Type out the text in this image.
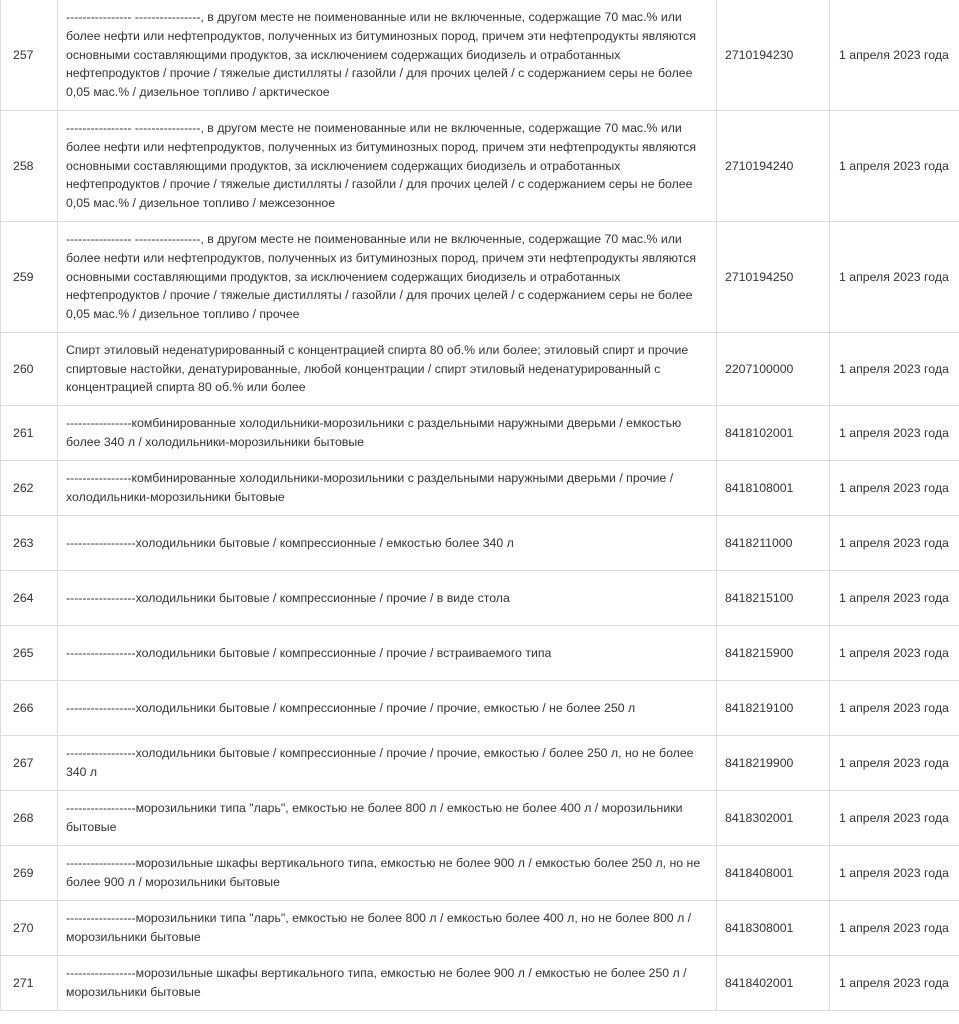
257	---------------- ----------------, в другом месте не поименованные или не включенные, содержащие 70 мас.% или более нефти или нефтепродуктов, полученных из битуминозных пород, причем эти нефтепродукты являются основными составляющими продуктов, за исключением содержащих биодизель и отработанных нефтепродуктов / прочие / тяжелые дистилляты / газойли / для прочих целей / с содержанием серы не более 0,05 мас.% / дизельное топливо / арктическое	2710194230	1 апреля 2023 года
258	---------------- ----------------, в другом месте не поименованные или не включенные, содержащие 70 мас.% или более нефти или нефтепродуктов, полученных из битуминозных пород, причем эти нефтепродукты являются основными составляющими продуктов, за исключением содержащих биодизель и отработанных нефтепродуктов / прочие / тяжелые дистилляты / газойли / для прочих целей / с содержанием серы не более 0,05 мас.% / дизельное топливо / межсезонное	2710194240	1 апреля 2023 года
259	---------------- ----------------, в другом месте не поименованные или не включенные, содержащие 70 мас.% или более нефти или нефтепродуктов, полученных из битуминозных пород, причем эти нефтепродукты являются основными составляющими продуктов, за исключением содержащих биодизель и отработанных нефтепродуктов / прочие / тяжелые дистилляты / газойли / для прочих целей / с содержанием серы не более 0,05 мас.% / дизельное топливо / прочее	2710194250	1 апреля 2023 года
260	Спирт этиловый неденатурированный с концентрацией спирта 80 об.% или более; этиловый спирт и прочие спиртовые настойки, денатурированные, любой концентрации / спирт этиловый неденатурированный с концентрацией спирта 80 об.% или более	2207100000	1 апреля 2023 года
261	----------------комбинированные холодильники-морозильники с раздельными наружными дверьми / емкостью более 340 л / холодильники-морозильники бытовые	8418102001	1 апреля 2023 года
262	----------------комбинированные холодильники-морозильники с раздельными наружными дверьми / прочие / холодильники-морозильники бытовые	8418108001	1 апреля 2023 года
263	-----------------холодильники бытовые / компрессионные / емкостью более 340 л	8418211000	1 апреля 2023 года
264	-----------------холодильники бытовые / компрессионные / прочие / в виде стола	8418215100	1 апреля 2023 года
265	-----------------холодильники бытовые / компрессионные / прочие / встраиваемого типа	8418215900	1 апреля 2023 года
266	-----------------холодильники бытовые / компрессионные / прочие / прочие, емкостью / не более 250 л	8418219100	1 апреля 2023 года
267	-----------------холодильники бытовые / компрессионные / прочие / прочие, емкостью / более 250 л, но не более 340 л	8418219900	1 апреля 2023 года
268	-----------------морозильники типа "ларь", емкостью не более 800 л / емкостью не более 400 л / морозильники бытовые	8418302001	1 апреля 2023 года
269	-----------------морозильные шкафы вертикального типа, емкостью не более 900 л / емкостью более 250 л, но не более 900 л / морозильники бытовые	8418408001	1 апреля 2023 года
270	-----------------морозильники типа "ларь", емкостью не более 800 л / емкостью более 400 л, но не более 800 л / морозильники бытовые	8418308001	1 апреля 2023 года
271	-----------------морозильные шкафы вертикального типа, емкостью не более 900 л / емкостью не более 250 л / морозильники бытовые	8418402001	1 апреля 2023 года
